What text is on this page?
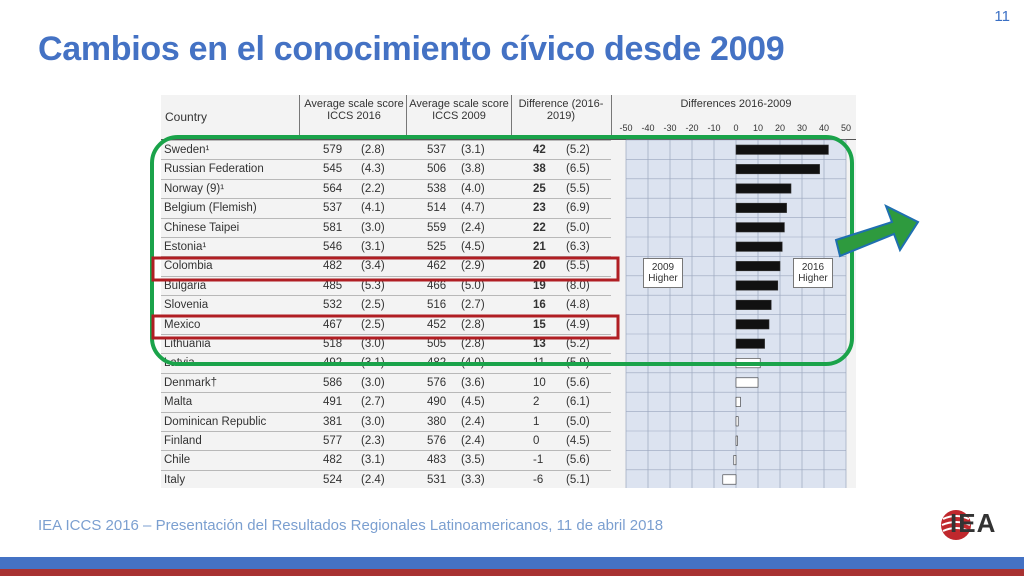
11
Cambios en el conocimiento cívico desde 2009
Country
Average scale score ICCS 2016
Average scale score ICCS 2009
Difference (2016-2019)
Differences 2016-2009
Sweden¹	579 (2.8)	537 (3.1)	42 (5.2)
Russian Federation	545 (4.3)	506 (3.8)	38 (6.5)
Norway (9)¹	564 (2.2)	538 (4.0)	25 (5.5)
Belgium (Flemish)	537 (4.1)	514 (4.7)	23 (6.9)
Chinese Taipei	581 (3.0)	559 (2.4)	22 (5.0)
Estonia¹	546 (3.1)	525 (4.5)	21 (6.3)
Colombia	482 (3.4)	462 (2.9)	20 (5.5)
Bulgaria	485 (5.3)	466 (5.0)	19 (8.0)
Slovenia	532 (2.5)	516 (2.7)	16 (4.8)
Mexico	467 (2.5)	452 (2.8)	15 (4.9)
Lithuania	518 (3.0)	505 (2.8)	13 (5.2)
Latvia	492 (3.1)	482 (4.0)	11 (5.9)
Denmark†	586 (3.0)	576 (3.6)	10 (5.6)
Malta	491 (2.7)	490 (4.5)	2 (6.1)
Dominican Republic	381 (3.0)	380 (2.4)	1 (5.0)
Finland	577 (2.3)	576 (2.4)	0 (4.5)
Chile	482 (3.1)	483 (3.5)	-1 (5.6)
Italy	524 (2.4)	531 (3.3)	-6 (5.1)
-50 -40 -30 -20 -10 0 10 20 30 40 50
2009 Higher
2016 Higher
IEA ICCS 2016 – Presentación del Resultados Regionales Latinoamericanos, 11 de abril 2018	IEA
